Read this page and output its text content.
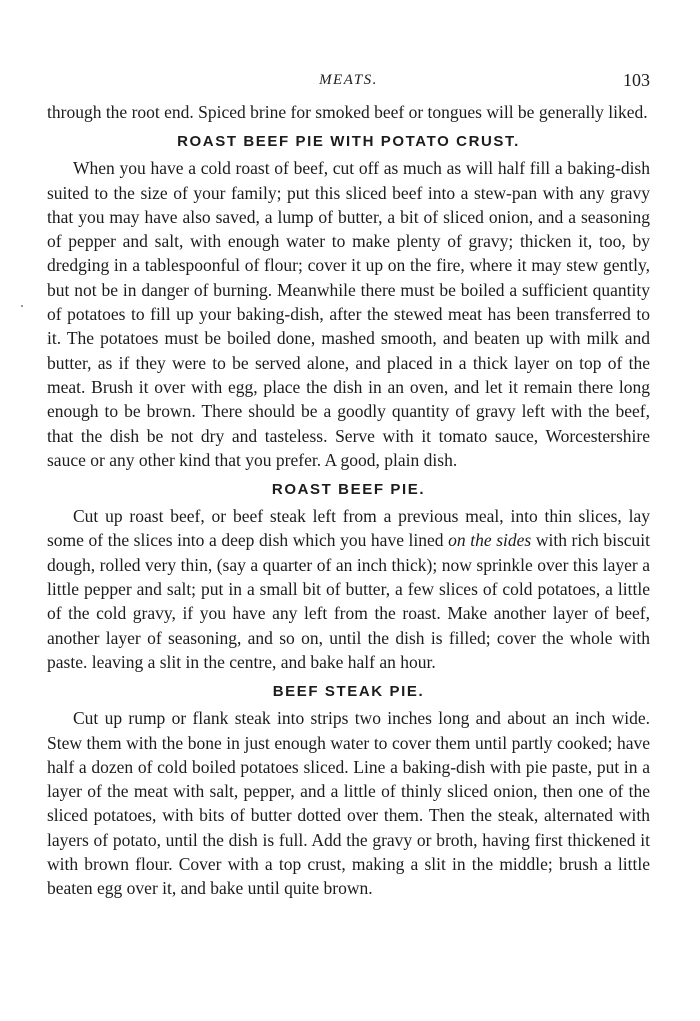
MEATS.	103

through the root end. Spiced brine for smoked beef or tongues will be generally liked.

ROAST BEEF PIE WITH POTATO CRUST.

When you have a cold roast of beef, cut off as much as will half fill a baking-dish suited to the size of your family; put this sliced beef into a stew-pan with any gravy that you may have also saved, a lump of butter, a bit of sliced onion, and a seasoning of pepper and salt, with enough water to make plenty of gravy; thicken it, too, by dredging in a tablespoonful of flour; cover it up on the fire, where it may stew gently, but not be in danger of burning. Meanwhile there must be boiled a sufficient quantity of potatoes to fill up your baking-dish, after the stewed meat has been transferred to it. The potatoes must be boiled done, mashed smooth, and beaten up with milk and butter, as if they were to be served alone, and placed in a thick layer on top of the meat. Brush it over with egg, place the dish in an oven, and let it remain there long enough to be brown. There should be a goodly quantity of gravy left with the beef, that the dish be not dry and tasteless. Serve with it tomato sauce, Worcestershire sauce or any other kind that you prefer. A good, plain dish.

ROAST BEEF PIE.

Cut up roast beef, or beef steak left from a previous meal, into thin slices, lay some of the slices into a deep dish which you have lined on the sides with rich biscuit dough, rolled very thin, (say a quarter of an inch thick); now sprinkle over this layer a little pepper and salt; put in a small bit of butter, a few slices of cold potatoes, a little of the cold gravy, if you have any left from the roast. Make another layer of beef, another layer of seasoning, and so on, until the dish is filled; cover the whole with paste. leaving a slit in the centre, and bake half an hour.

BEEF STEAK PIE.

Cut up rump or flank steak into strips two inches long and about an inch wide. Stew them with the bone in just enough water to cover them until partly cooked; have half a dozen of cold boiled potatoes sliced. Line a baking-dish with pie paste, put in a layer of the meat with salt, pepper, and a little of thinly sliced onion, then one of the sliced potatoes, with bits of butter dotted over them. Then the steak, alternated with layers of potato, until the dish is full. Add the gravy or broth, having first thickened it with brown flour. Cover with a top crust, making a slit in the middle; brush a little beaten egg over it, and bake until quite brown.
